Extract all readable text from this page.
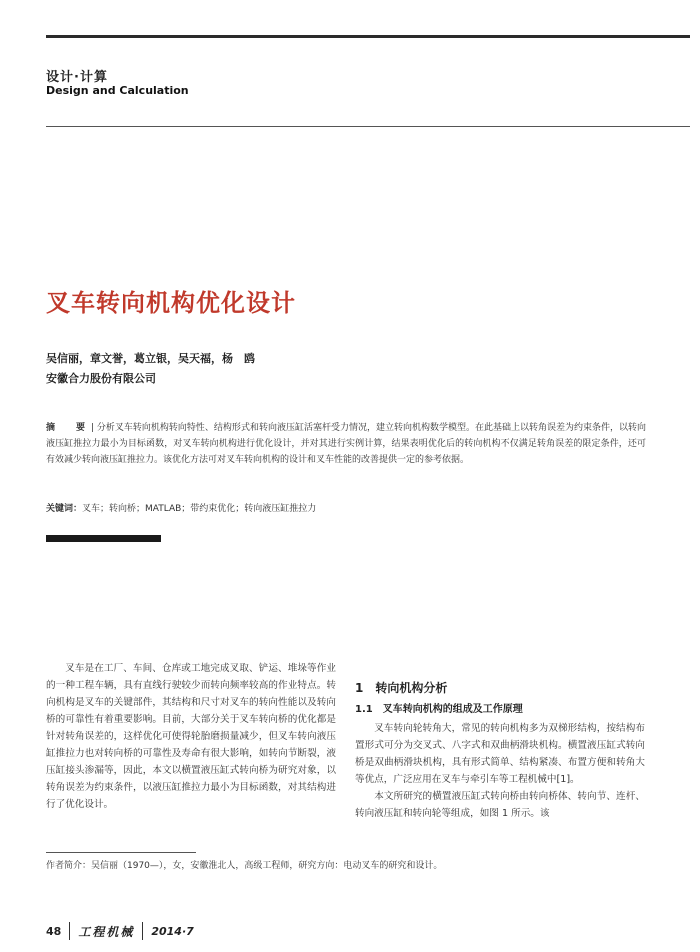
设计·计算
Design and Calculation
叉车转向机构优化设计
吴信丽，章文誉，葛立银，吴天福，杨　鸥
安徽合力股份有限公司
摘　要| 分析叉车转向机构转向特性、结构形式和转向液压缸活塞杆受力情况，建立转向机构数学模型。在此基础上以转角误差为约束条件，以转向液压缸推拉力最小为目标函数，对叉车转向机构进行优化设计，并对其进行实例计算，结果表明优化后的转向机构不仅满足转角误差的限定条件，还可有效减少转向液压缸推拉力。该优化方法可对叉车转向机构的设计和叉车性能的改善提供一定的参考依据。
关键词：叉车；转向桥；MATLAB；带约束优化；转向液压缸推拉力

叉车是在工厂、车间、仓库或工地完成叉取、铲运、堆垛等作业的一种工程车辆，具有直线行驶较少而转向频率较高的作业特点。转向机构是叉车的关键部件，其结构和尺寸对叉车的转向性能以及转向桥的可靠性有着重要影响。目前，大部分关于叉车转向桥的优化都是针对转角误差的，这样优化可使得轮胎磨损量减少，但叉车转向液压缸推拉力也对转向桥的可靠性及寿命有很大影响，如转向节断裂，液压缸接头渗漏等，因此，本文以横置液压缸式转向桥为研究对象，以转角误差为约束条件，以液压缸推拉力最小为目标函数，对其结构进行了优化设计。

1　转向机构分析
1.1　叉车转向机构的组成及工作原理

叉车转向轮转角大，常见的转向机构多为双梯形结构，按结构布置形式可分为交叉式、八字式和双曲柄滑块机构。横置液压缸式转向桥是双曲柄滑块机构，具有形式简单、结构紧凑、布置方便和转角大等优点，广泛应用在叉车与牵引车等工程机械中[1]。

本文所研究的横置液压缸式转向桥由转向桥体、转向节、连杆、转向液压缸和转向轮等组成，如图 1 所示。该

作者简介：吴信丽（1970—），女，安徽淮北人，高级工程师，研究方向：电动叉车的研究和设计。
48 工程机械 2014·7
